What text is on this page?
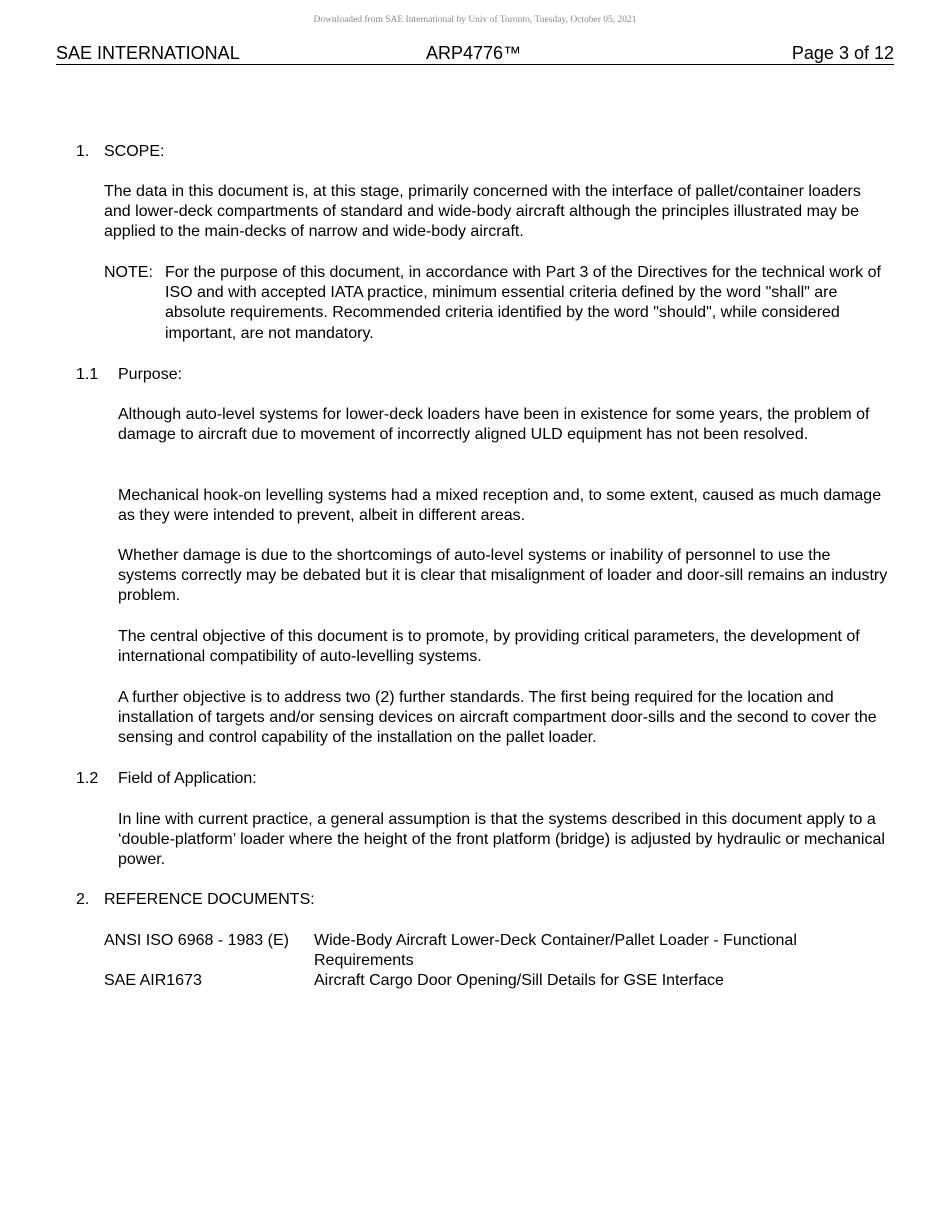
Downloaded from SAE International by Univ of Toronto, Tuesday, October 05, 2021
SAE INTERNATIONAL	ARP4776™	Page 3 of 12
1. SCOPE:
The data in this document is, at this stage, primarily concerned with the interface of pallet/container loaders and lower-deck compartments of standard and wide-body aircraft although the principles illustrated may be applied to the main-decks of narrow and wide-body aircraft.
NOTE: For the purpose of this document, in accordance with Part 3 of the Directives for the technical work of ISO and with accepted IATA practice, minimum essential criteria defined by the word "shall" are absolute requirements. Recommended criteria identified by the word "should", while considered important, are not mandatory.
1.1 Purpose:
Although auto-level systems for lower-deck loaders have been in existence for some years, the problem of damage to aircraft due to movement of incorrectly aligned ULD equipment has not been resolved.
Mechanical hook-on levelling systems had a mixed reception and, to some extent, caused as much damage as they were intended to prevent, albeit in different areas.
Whether damage is due to the shortcomings of auto-level systems or inability of personnel to use the systems correctly may be debated but it is clear that misalignment of loader and door-sill remains an industry problem.
The central objective of this document is to promote, by providing critical parameters, the development of international compatibility of auto-levelling systems.
A further objective is to address two (2) further standards. The first being required for the location and installation of targets and/or sensing devices on aircraft compartment door-sills and the second to cover the sensing and control capability of the installation on the pallet loader.
1.2 Field of Application:
In line with current practice, a general assumption is that the systems described in this document apply to a ‘double-platform’ loader where the height of the front platform (bridge) is adjusted by hydraulic or mechanical power.
2. REFERENCE DOCUMENTS:
ANSI ISO 6968 - 1983 (E) Wide-Body Aircraft Lower-Deck Container/Pallet Loader - Functional Requirements
SAE AIR1673	Aircraft Cargo Door Opening/Sill Details for GSE Interface
